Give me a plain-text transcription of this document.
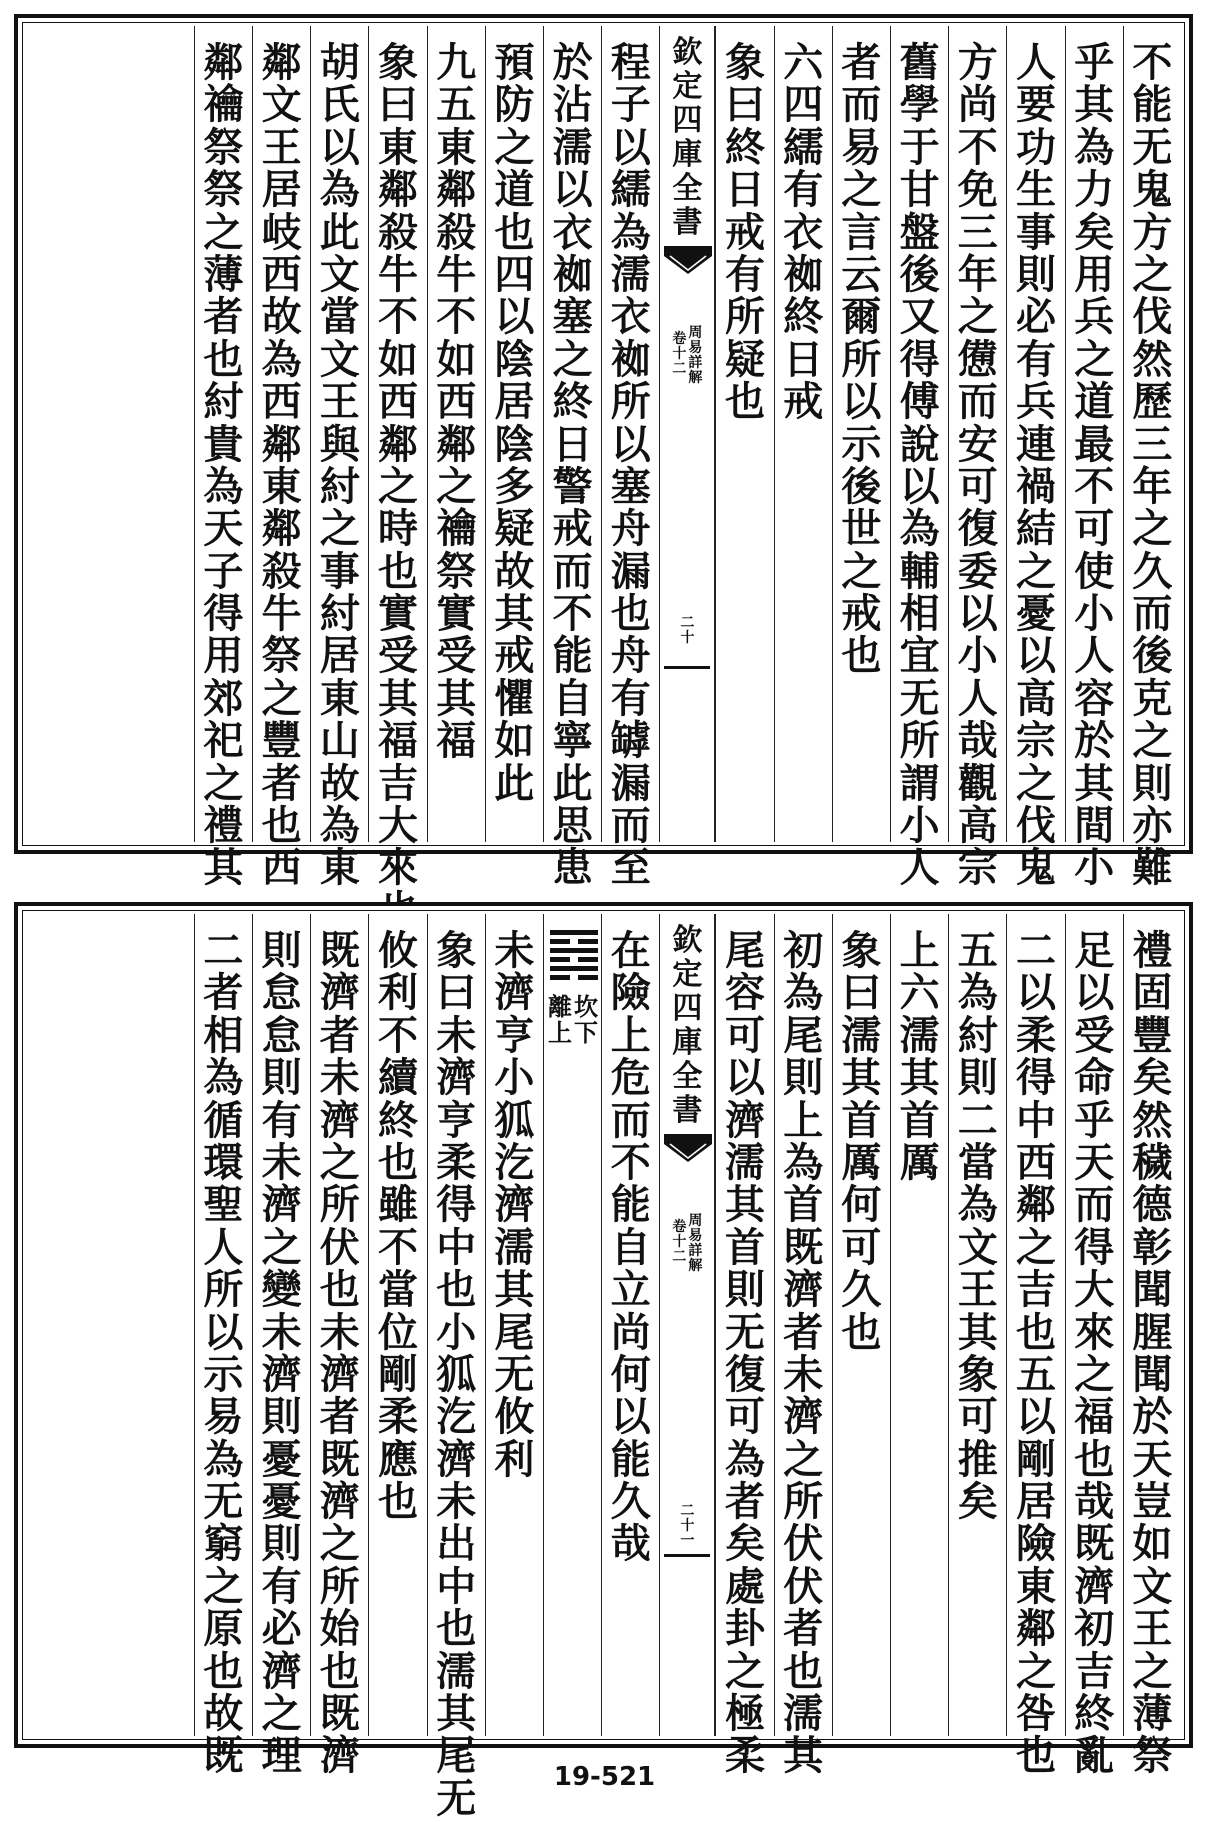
不
能
无
鬼
方
之
伐
然
歷
三
年
之
久
而
後
克
之
則
亦
難
乎
其
為
力
矣
用
兵
之
道
最
不
可
使
小
人
容
於
其
間
小
人
要
功
生
事
則
必
有
兵
連
禍
結
之
憂
以
高
宗
之
伐
鬼
方
尚
不
免
三
年
之
憊
而
安
可
復
委
以
小
人
哉
觀
高
宗
舊
學
于
甘
盤
後
又
得
傅
說
以
為
輔
相
宜
无
所
謂
小
人
者
而
易
之
言
云
爾
所
以
示
後
世
之
戒
也
六
四
繻
有
衣
袽
終
日
戒
象
曰
終
日
戒
有
所
疑
也
欽
定
四
庫
全
書
周
易
詳
解
卷
十
二
二
十
程
子
以
繻
為
濡
衣
袽
所
以
塞
舟
漏
也
舟
有
罅
漏
而
至
於
沾
濡
以
衣
袽
塞
之
終
日
警
戒
而
不
能
自
寧
此
思
患
預
防
之
道
也
四
以
陰
居
陰
多
疑
故
其
戒
懼
如
此
九
五
東
鄰
殺
牛
不
如
西
鄰
之
禴
祭
實
受
其
福
象
曰
東
鄰
殺
牛
不
如
西
鄰
之
時
也
實
受
其
福
吉
大
來
胡
氏
以
為
此
文
當
文
王
與
紂
之
事
紂
居
東
山
故
為
東
鄰
文
王
居
岐
西
故
為
西
鄰
東
鄰
殺
牛
祭
之
豐
者
也
西
鄰
禴
祭
祭
之
薄
者
也
紂
貴
為
天
子
得
用
郊
祀
之
禮
其
禮
固
豐
矣
然
穢
德
彰
聞
腥
聞
於
天
豈
如
文
王
之
薄
祭
足
以
受
命
乎
天
而
得
大
來
之
福
也
哉
既
濟
初
吉
終
亂
二
以
柔
得
中
西
鄰
之
吉
也
五
以
剛
居
險
東
鄰
之
咎
也
五
為
紂
則
二
當
為
文
王
其
象
可
推
矣
上
六
濡
其
首
厲
象
曰
濡
其
首
厲
何
可
久
也
初
為
尾
則
上
為
首
既
濟
者
未
濟
之
所
伏
伏
者
也
濡
其
尾
容
可
以
濟
濡
其
首
則
无
復
可
為
者
矣
處
卦
之
極
柔
欽
定
四
庫
全
書
周
易
詳
解
卷
十
二
二
十
一
在
險
上
危
而
不
能
自
立
尚
何
以
能
久
哉
坎
下
離
上
未
濟
亨
小
狐
汔
濟
濡
其
尾
无
攸
利
象
曰
未
濟
亨
柔
得
中
也
小
狐
汔
濟
未
出
中
也
濡
其
尾
无
攸
利
不
續
終
也
雖
不
當
位
剛
柔
應
也
既
濟
者
未
濟
之
所
伏
也
未
濟
者
既
濟
之
所
始
也
既
濟
則
怠
怠
則
有
未
濟
之
變
未
濟
則
憂
憂
則
有
必
濟
之
理
二
者
相
為
循
環
聖
人
所
以
示
易
為
无
窮
之
原
也
故
既	19-521
